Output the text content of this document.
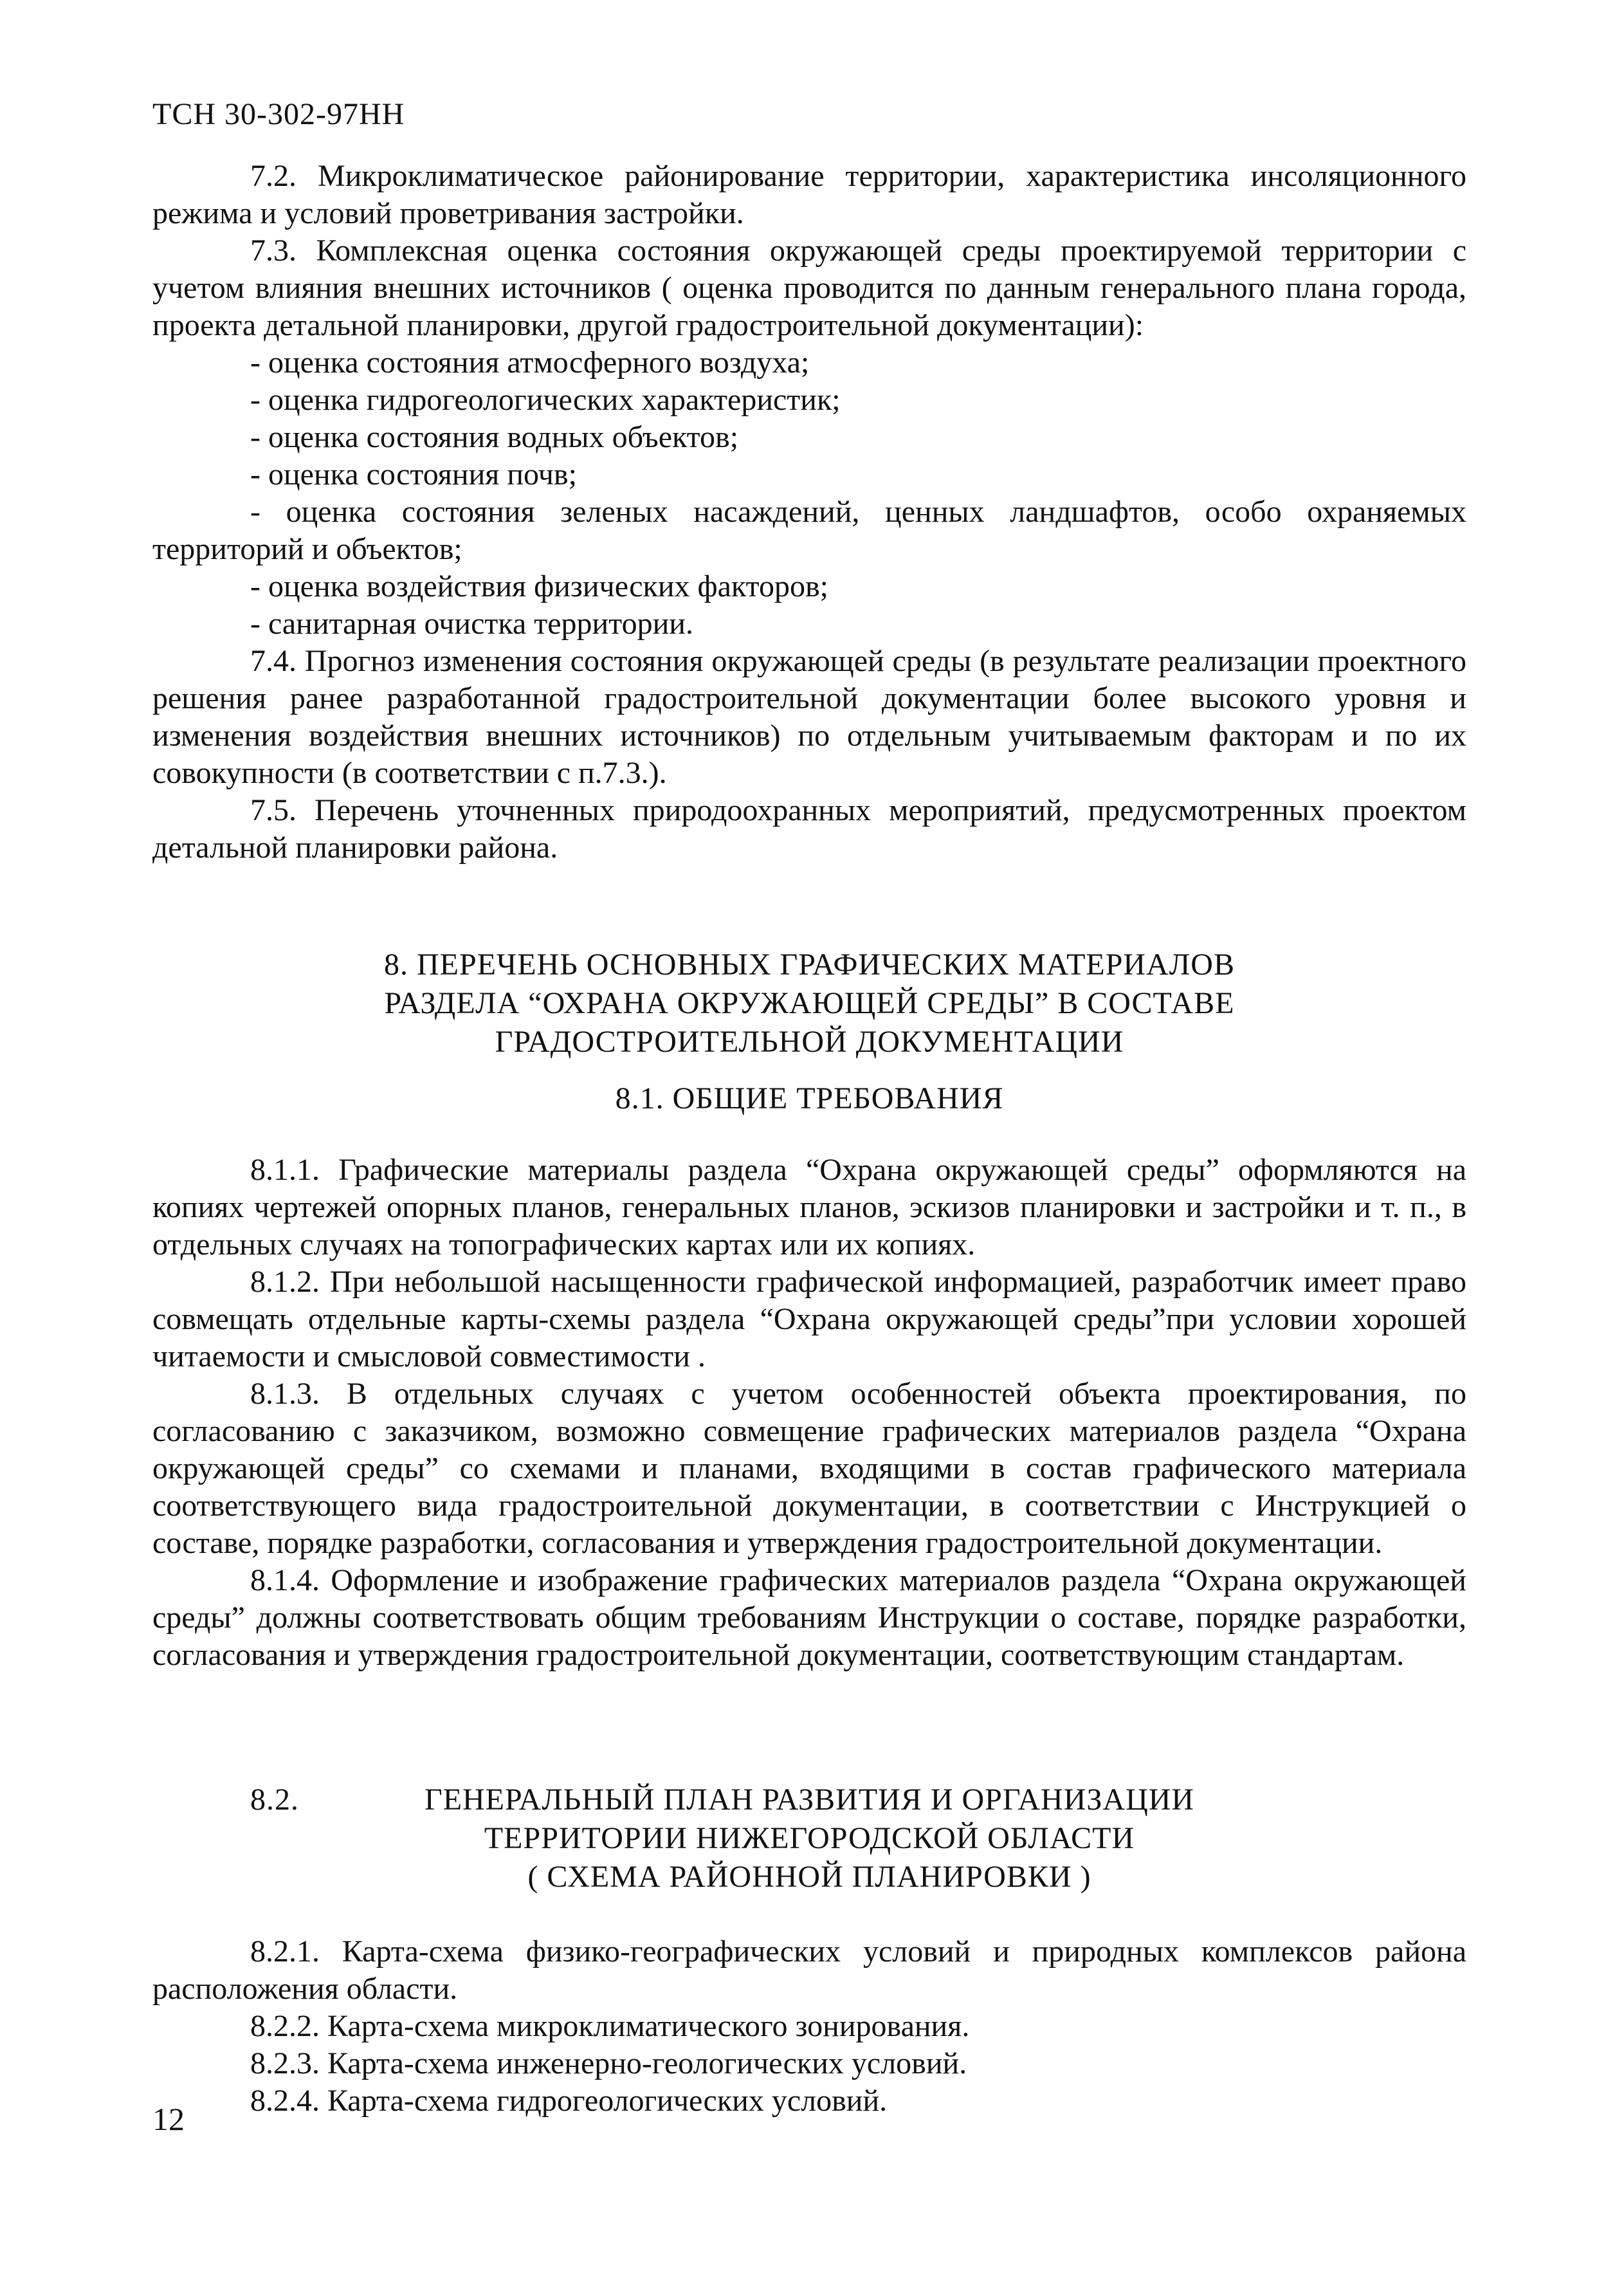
ТСН 30-302-97НН

7.2. Микроклиматическое районирование территории, характеристика инсоляционного режима и условий проветривания застройки.

7.3. Комплексная оценка состояния окружающей среды проектируемой территории с учетом влияния внешних источников ( оценка проводится по данным генерального плана города, проекта детальной планировки, другой градостроительной документации):

- оценка состояния атмосферного воздуха;

- оценка гидрогеологических характеристик;

- оценка состояния водных объектов;

- оценка состояния почв;

- оценка состояния зеленых насаждений, ценных ландшафтов, особо охраняемых территорий и объектов;

- оценка воздействия физических факторов;

- санитарная очистка территории.

7.4. Прогноз изменения состояния окружающей среды (в результате реализации проектного решения ранее разработанной градостроительной документации более высокого уровня и изменения воздействия внешних источников) по отдельным учитываемым факторам и по их совокупности (в соответствии с п.7.3.).

7.5. Перечень уточненных природоохранных мероприятий, предусмотренных проектом детальной планировки района.

8. ПЕРЕЧЕНЬ ОСНОВНЫХ ГРАФИЧЕСКИХ МАТЕРИАЛОВ
РАЗДЕЛА “ОХРАНА ОКРУЖАЮЩЕЙ СРЕДЫ” В СОСТАВЕ
ГРАДОСТРОИТЕЛЬНОЙ ДОКУМЕНТАЦИИ
8.1. ОБЩИЕ ТРЕБОВАНИЯ

8.1.1. Графические материалы раздела “Охрана окружающей среды” оформляются на копиях чертежей опорных планов, генеральных планов, эскизов планировки и застройки и т. п., в отдельных случаях на топографических картах или их копиях.

8.1.2. При небольшой насыщенности графической информацией, разработчик имеет право совмещать отдельные карты-схемы раздела “Охрана окружающей среды”при условии хорошей читаемости и смысловой совместимости .

8.1.3. В отдельных случаях с учетом особенностей объекта проектирования, по согласованию с заказчиком, возможно совмещение графических материалов раздела “Охрана окружающей среды” со схемами и планами, входящими в состав графического материала соответствующего вида градостроительной документации, в соответствии с Инструкцией о составе, порядке разработки, согласования и утверждения градостроительной документации.

8.1.4. Оформление и изображение графических материалов раздела “Охрана окружающей среды” должны соответствовать общим требованиям Инструкции о составе, порядке разработки, согласования и утверждения градостроительной документации, соответствующим стандартам.

8.2.	ГЕНЕРАЛЬНЫЙ ПЛАН РАЗВИТИЯ И ОРГАНИЗАЦИИ
ТЕРРИТОРИИ НИЖЕГОРОДСКОЙ ОБЛАСТИ
( СХЕМА РАЙОННОЙ ПЛАНИРОВКИ )

8.2.1. Карта-схема физико-географических условий и природных комплексов района расположения области.

8.2.2. Карта-схема микроклиматического зонирования.

8.2.3. Карта-схема инженерно-геологических условий.

8.2.4. Карта-схема гидрогеологических условий.

12
